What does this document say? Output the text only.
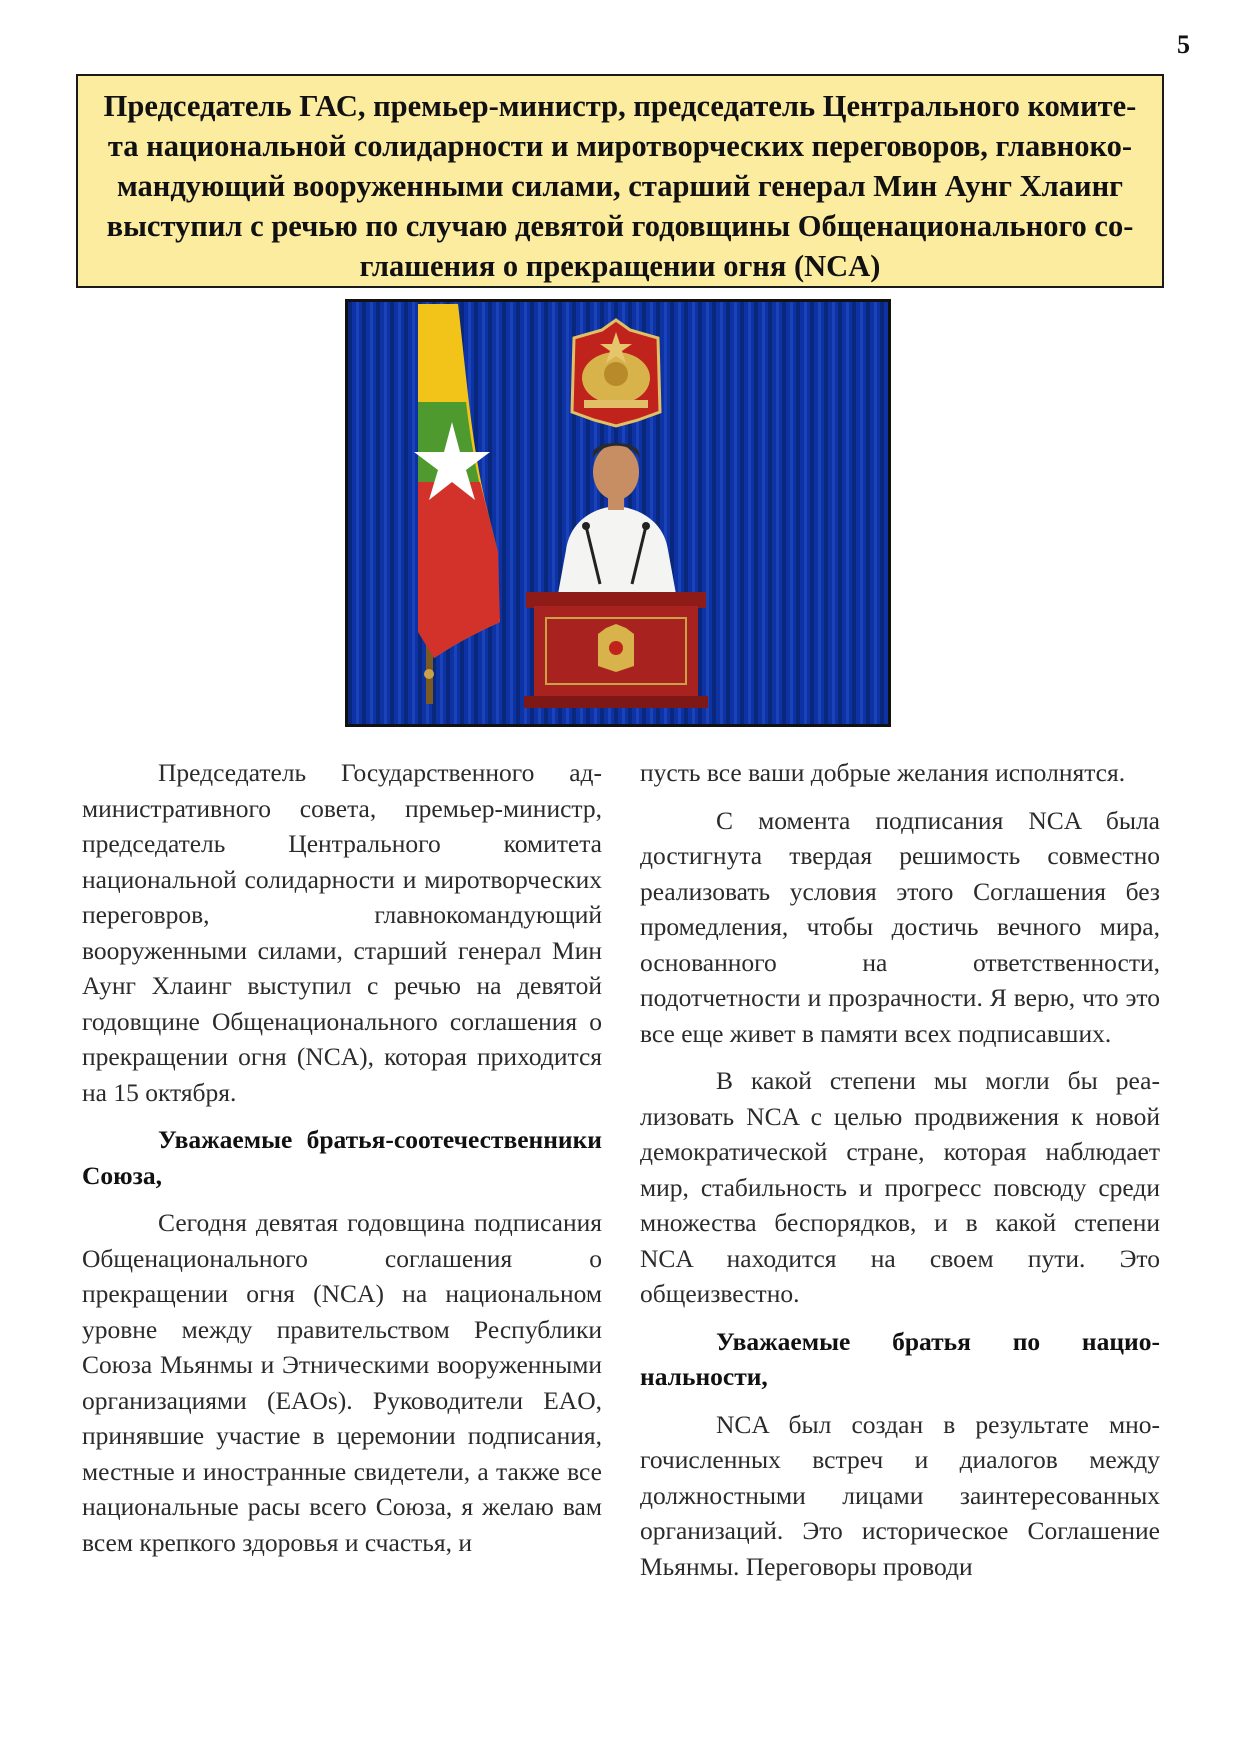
5

Председатель ГАС, премьер-министр, председатель Центрального комите-
та национальной солидарности и миротворческих переговоров, главноко-
мандующий вооруженными силами, старший генерал Мин Аунг Хлаинг
выступил с речью по случаю девятой годовщины Общенационального со-
глашения о прекращении огня (NCA)

Председатель Государственного административного совета, премьер-министр, председатель Центрального комитета национальной солидарности и миротворческих переговров, главнокомандующий вооруженными силами, старший генерал Мин Аунг Хлаинг выступил с речью на девятой годовщине Общенационального соглашения о прекращении огня (NCA), которая приходится на 15 октября.

Уважаемые братья-соотечественники Союза,

Сегодня девятая годовщина подписания Общенационального соглашения о прекращении огня (NCA) на национальном уровне между правительством Республики Союза Мьянмы и Этническими вооруженными организациями (EAOs). Руководители EAO, принявшие участие в церемонии подписания, местные и иностранные свидетели, а также все национальные расы всего Союза, я желаю вам всем крепкого здоровья и счастья, и

пусть все ваши добрые желания исполнятся.

С момента подписания NCA была достигнута твердая решимость совместно реализовать условия этого Соглашения без промедления, чтобы достичь вечного мира, основанного на ответственности, подотчетности и прозрачности. Я верю, что это все еще живет в памяти всех подписавших.

В какой степени мы могли бы реализовать NCA с целью продвижения к новой демократической стране, которая наблюдает мир, стабильность и прогресс повсюду среди множества беспорядков, и в какой степени NCA находится на своем пути. Это общеизвестно.

Уважаемые братья по национальности,

NCA был создан в результате многочисленных встреч и диалогов между должностными лицами заинтересованных организаций. Это историческое Соглашение Мьянмы. Переговоры проводи
